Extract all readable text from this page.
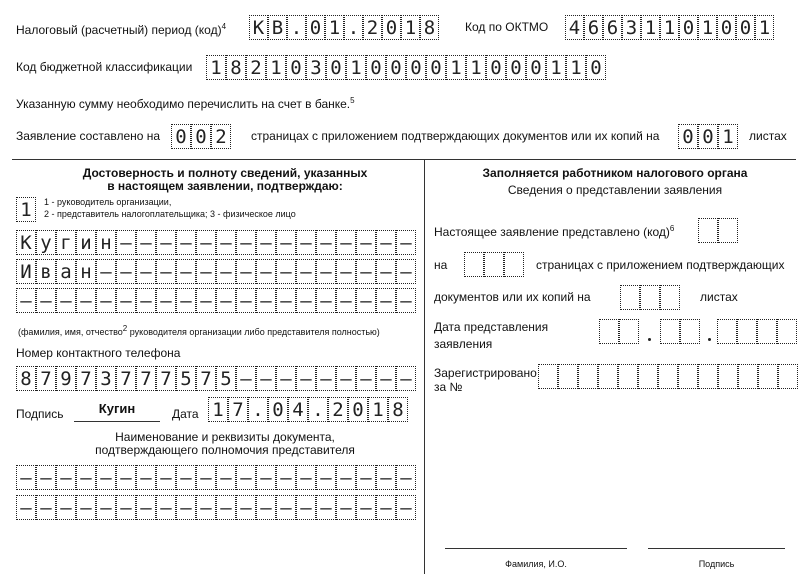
Налоговый (расчетный) период (код)$^4$ К В . 0 1 . 2 0 1 8	Код по ОКТМО 4 6 6 3 1 1 0 1 0 0 1
Код бюджетной классификации 1 8 2 1 0 3 0 1 0 0 0 0 1 1 0 0 0 1 1 0
Указанную сумму необходимо перечислить на счет в банке.$^5$
Заявление составлено на 0 0 2	страницах с приложением подтверждающих документов или их копий на 0 0 1	листах
Достоверность и полноту сведений, указанных
в настоящем заявлении, подтверждаю:
1	1 - руководитель организации,
2 - представитель налогоплательщика; 3 - физическое лицо
К у г и н – – – – – – – – – – – – – – –
И в а н – – – – – – – – – – – – – – – –
– – – – – – – – – – – – – – – – – – – –
(фамилия, имя, отчество$^2$ руководителя организации либо представителя полностью)
Номер контактного телефона
8 7 9 7 3 7 7 7 5 7 5 – – – – – – – – –
Подпись	Кугин	Дата 1 7 . 0 4 . 2 0 1 8
Наименование и реквизиты документа,
подтверждающего полномочия представителя
– – – – – – – – – – – – – – – – – – – –
– – – – – – – – – – – – – – – – – – – –
Заполняется работником налогового органа
Сведения о представлении заявления
Настоящее заявление представлено (код)$^6$
на	страницах с приложением подтверждающих
документов или их копий на	листах
Дата представления
заявления
Зарегистрировано
за №
Фамилия, И.О.	Подпись
